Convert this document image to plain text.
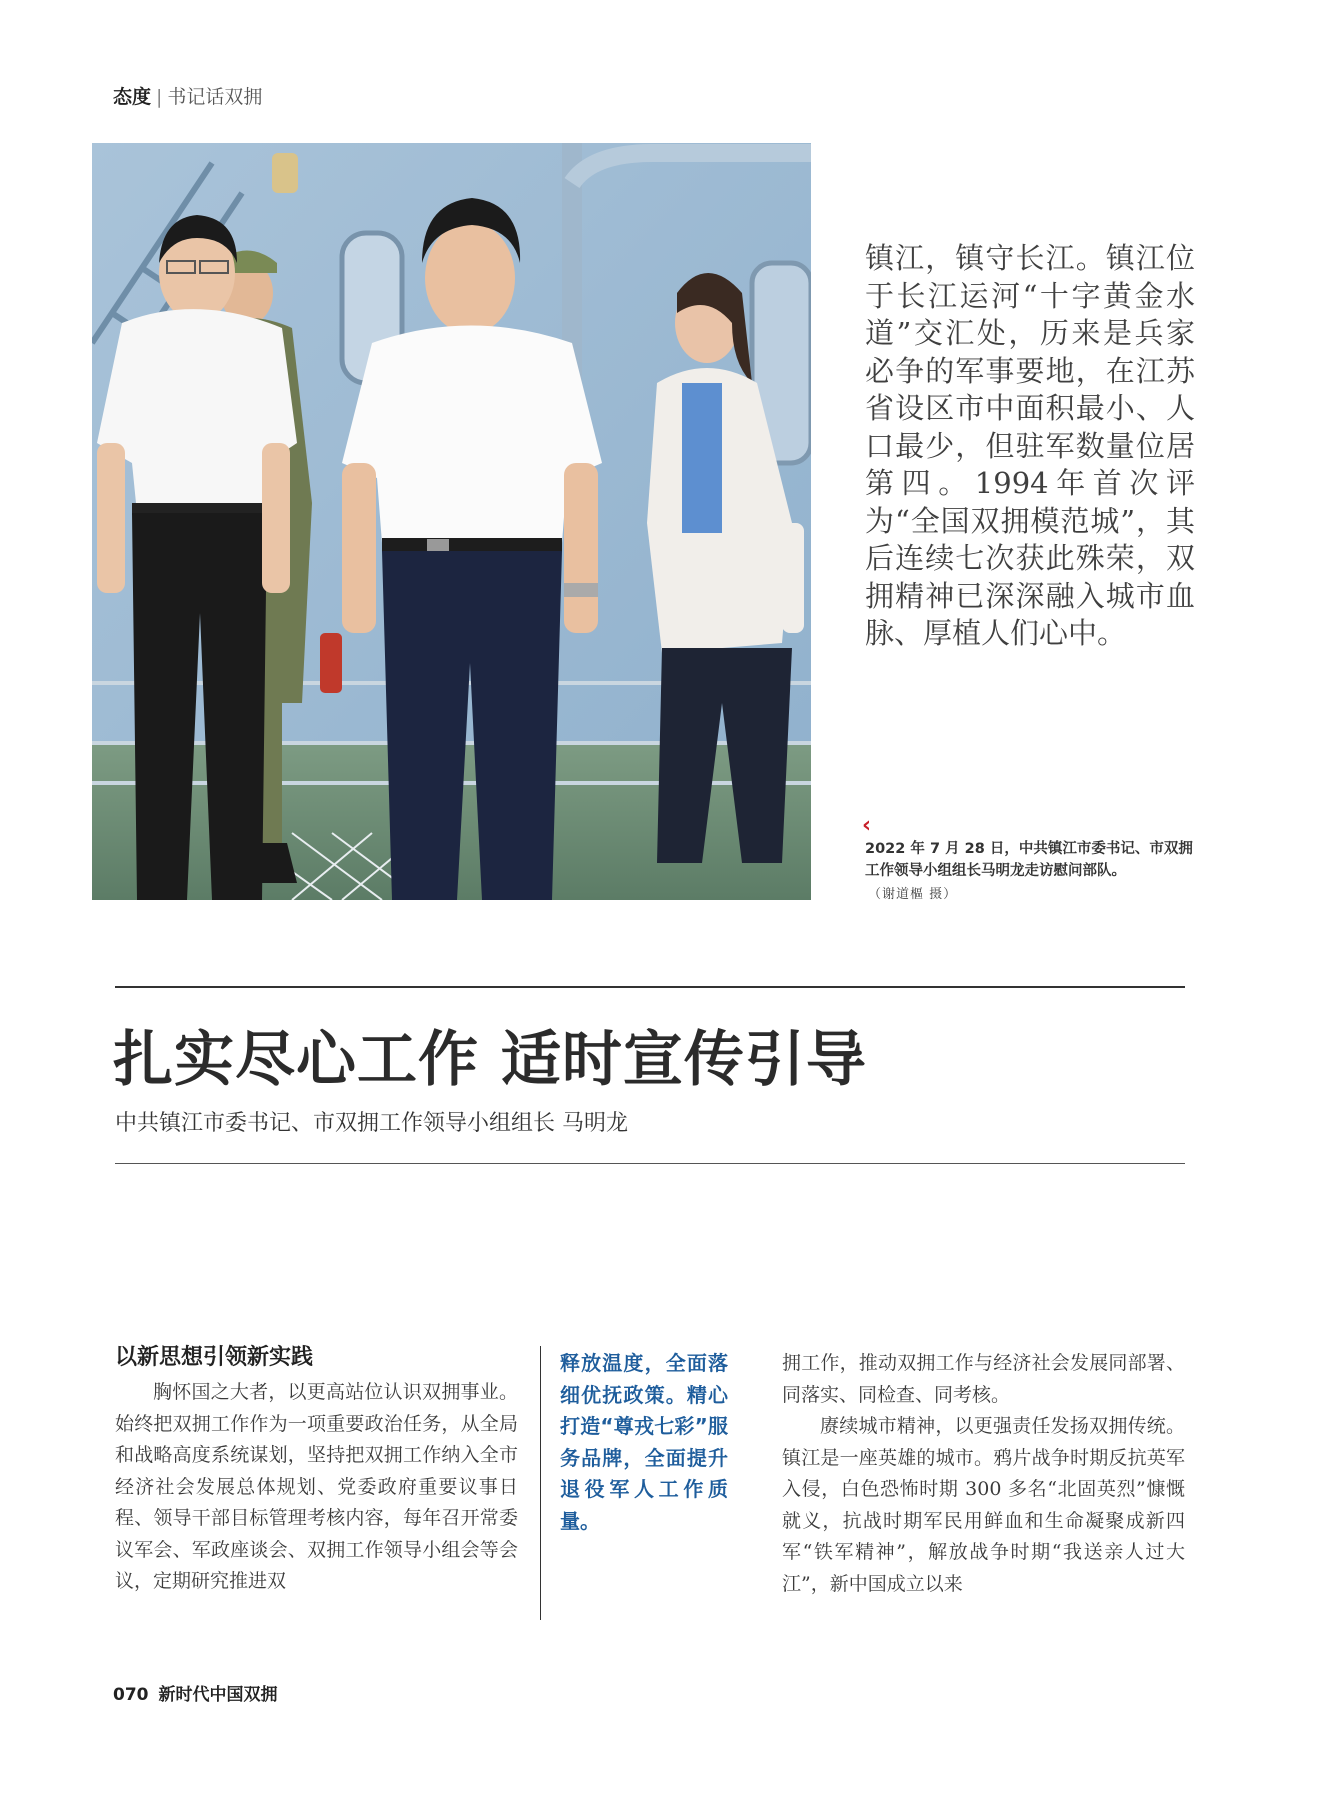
态度 | 书记话双拥
镇江，镇守长江。镇江位于长江运河“十字黄金水道”交汇处，历来是兵家必争的军事要地，在江苏省设区市中面积最小、人口最少，但驻军数量位居第四。1994年首次评为“全国双拥模范城”，其后连续七次获此殊荣，双拥精神已深深融入城市血脉、厚植人们心中。
‹
2022 年 7 月 28 日，中共镇江市委书记、市双拥工作领导小组组长马明龙走访慰问部队。
（谢道樞 摄）
扎实尽心工作 适时宣传引导
中共镇江市委书记、市双拥工作领导小组组长 马明龙
以新思想引领新实践

胸怀国之大者，以更高站位认识双拥事业。始终把双拥工作作为一项重要政治任务，从全局和战略高度系统谋划，坚持把双拥工作纳入全市经济社会发展总体规划、党委政府重要议事日程、领导干部目标管理考核内容，每年召开常委议军会、军政座谈会、双拥工作领导小组会等会议，定期研究推进双

释放温度，全面落细优抚政策。精心打造“尊戎七彩”服务品牌，全面提升退役军人工作质量。

拥工作，推动双拥工作与经济社会发展同部署、同落实、同检查、同考核。

赓续城市精神，以更强责任发扬双拥传统。镇江是一座英雄的城市。鸦片战争时期反抗英军入侵，白色恐怖时期 300 多名“北固英烈”慷慨就义，抗战时期军民用鲜血和生命凝聚成新四军“铁军精神”，解放战争时期“我送亲人过大江”，新中国成立以来

070 新时代中国双拥
